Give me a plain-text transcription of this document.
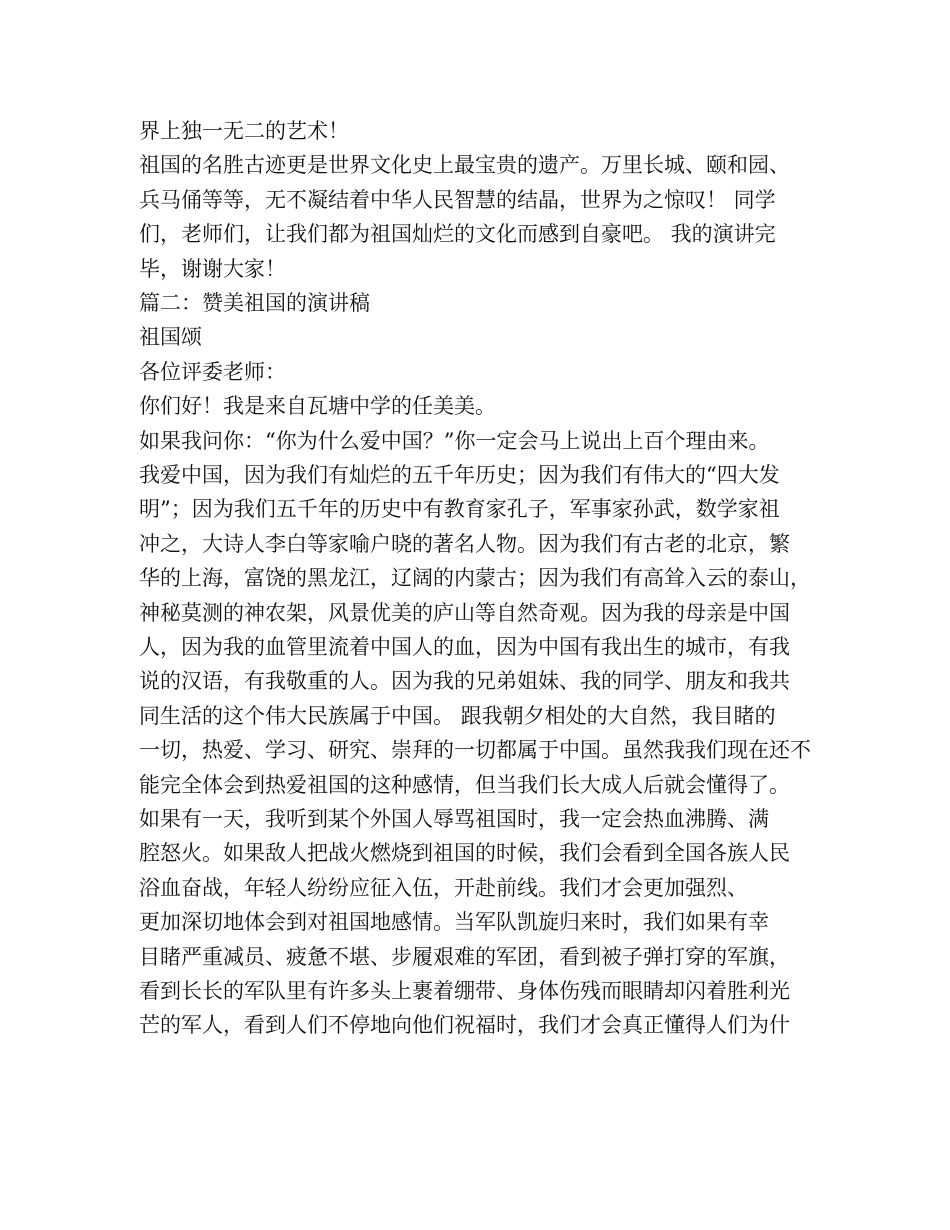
界上独一无二的艺术！
祖国的名胜古迹更是世界文化史上最宝贵的遗产。万里长城、颐和园、
兵马俑等等，无不凝结着中华人民智慧的结晶，世界为之惊叹！ 同学
们，老师们，让我们都为祖国灿烂的文化而感到自豪吧。 我的演讲完
毕，谢谢大家！
篇二：赞美祖国的演讲稿
祖国颂
各位评委老师：
你们好！我是来自瓦塘中学的任美美。
如果我问你：“你为什么爱中国？”你一定会马上说出上百个理由来。
我爱中国，因为我们有灿烂的五千年历史；因为我们有伟大的“四大发
明”；因为我们五千年的历史中有教育家孔子，军事家孙武，数学家祖
冲之，大诗人李白等家喻户晓的著名人物。因为我们有古老的北京，繁
华的上海，富饶的黑龙江，辽阔的内蒙古；因为我们有高耸入云的泰山，
神秘莫测的神农架，风景优美的庐山等自然奇观。因为我的母亲是中国
人，因为我的血管里流着中国人的血，因为中国有我出生的城市，有我
说的汉语，有我敬重的人。因为我的兄弟姐妹、我的同学、朋友和我共
同生活的这个伟大民族属于中国。 跟我朝夕相处的大自然，我目睹的
一切，热爱、学习、研究、崇拜的一切都属于中国。虽然我我们现在还不
能完全体会到热爱祖国的这种感情，但当我们长大成人后就会懂得了。
如果有一天，我听到某个外国人辱骂祖国时，我一定会热血沸腾、满
腔怒火。如果敌人把战火燃烧到祖国的时候，我们会看到全国各族人民
浴血奋战，年轻人纷纷应征入伍，开赴前线。我们才会更加强烈、
更加深切地体会到对祖国地感情。当军队凯旋归来时，我们如果有幸
目睹严重减员、疲惫不堪、步履艰难的军团，看到被子弹打穿的军旗，
看到长长的军队里有许多头上裹着绷带、身体伤残而眼睛却闪着胜利光
芒的军人，看到人们不停地向他们祝福时，我们才会真正懂得人们为什
